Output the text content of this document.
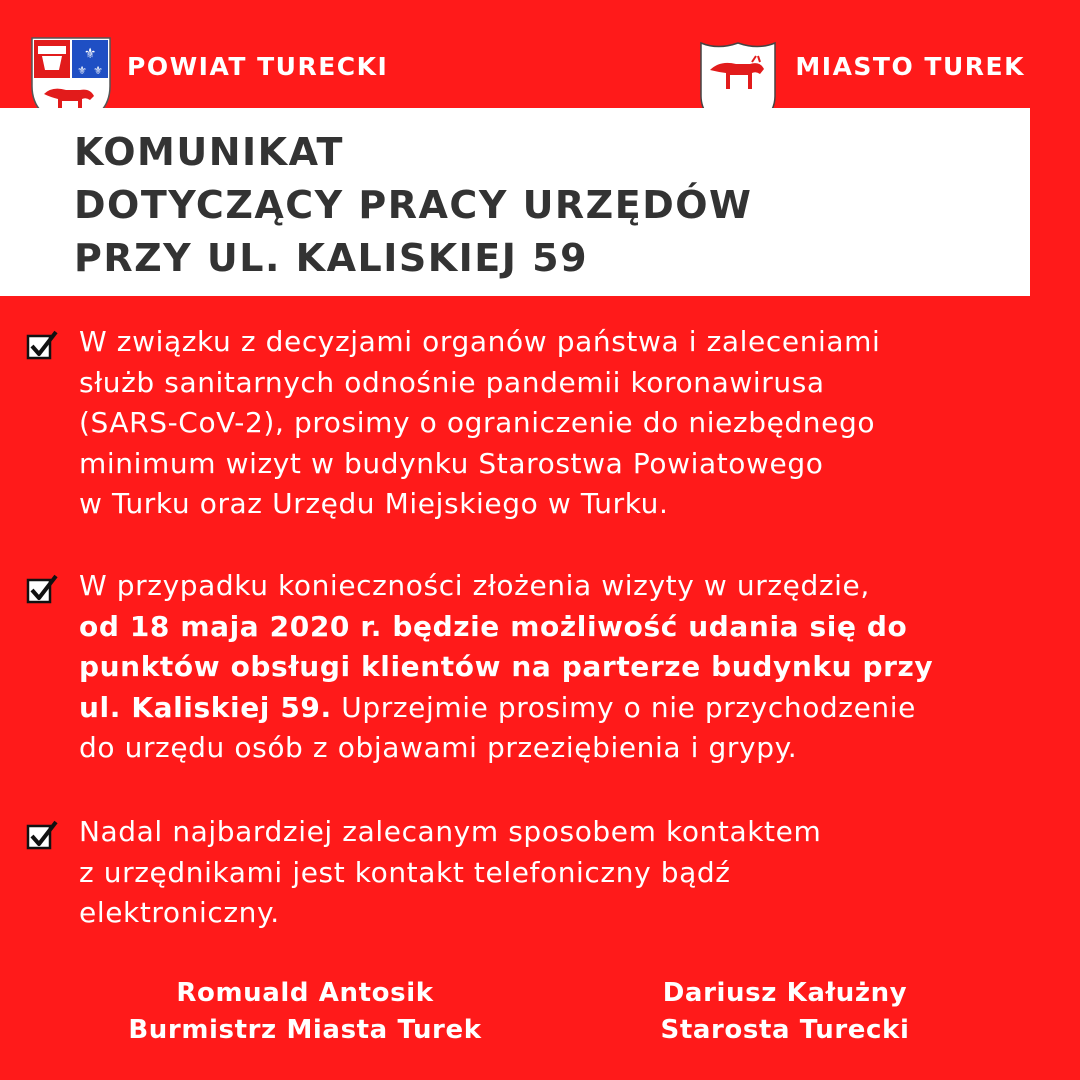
⚜
⚜ ⚜ POWIAT TURECKI	MIASTO TUREK
KOMUNIKAT
DOTYCZĄCY PRACY URZĘDÓW
PRZY UL. KALISKIEJ 59
W związku z decyzjami organów państwa i zaleceniami
służb sanitarnych odnośnie pandemii koronawirusa
(SARS-CoV-2), prosimy o ograniczenie do niezbędnego
minimum wizyt w budynku Starostwa Powiatowego
w Turku oraz Urzędu Miejskiego w Turku.
W przypadku konieczności złożenia wizyty w urzędzie,
od 18 maja 2020 r. będzie możliwość udania się do
punktów obsługi klientów na parterze budynku przy
ul. Kaliskiej 59. Uprzejmie prosimy o nie przychodzenie
do urzędu osób z objawami przeziębienia i grypy.
Nadal najbardziej zalecanym sposobem kontaktem
z urzędnikami jest kontakt telefoniczny bądź
elektroniczny.
Romuald Antosik
Burmistrz Miasta Turek
Dariusz Kałużny
Starosta Turecki
